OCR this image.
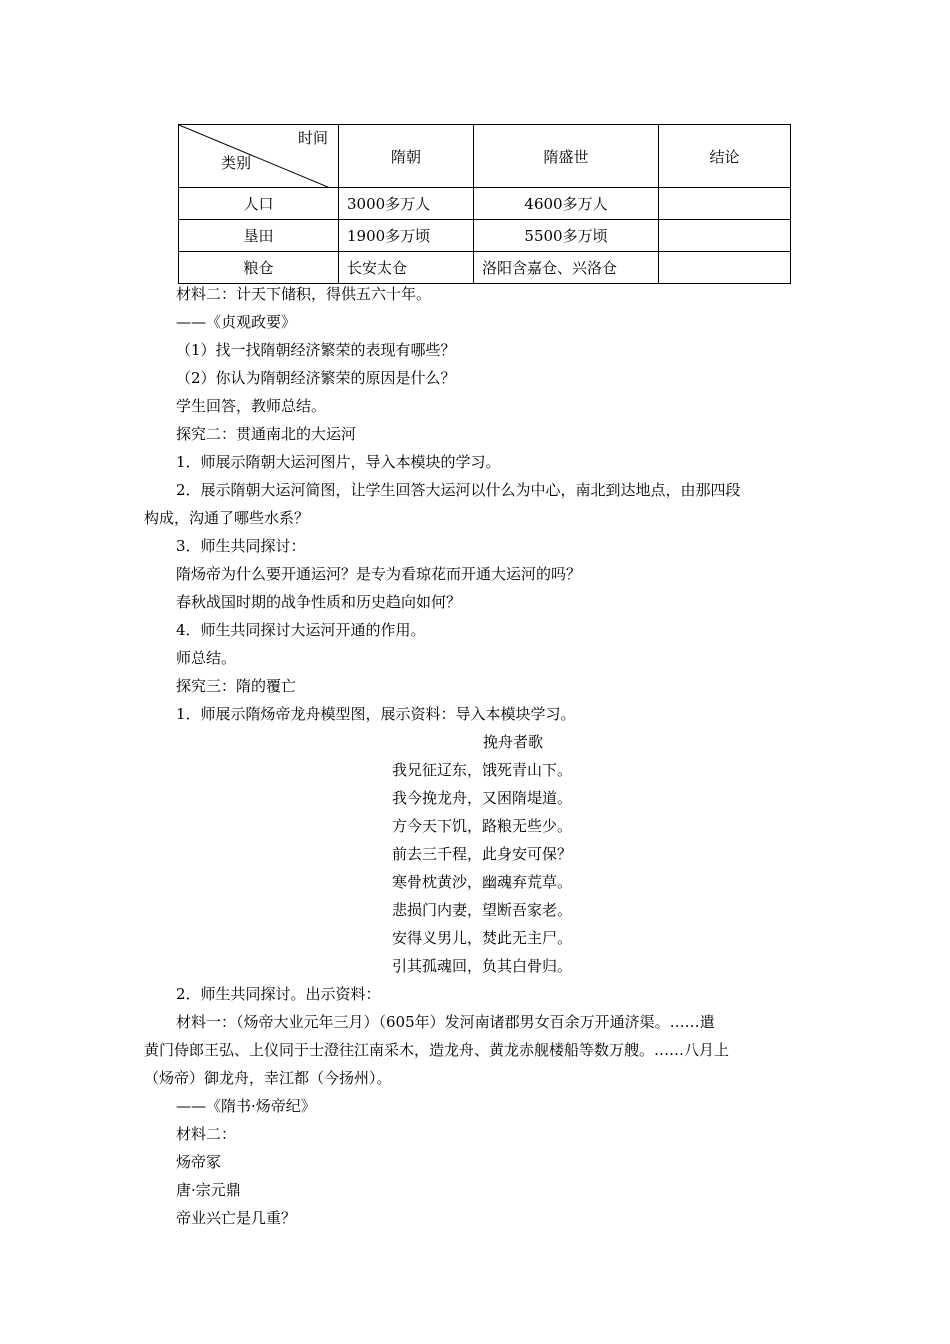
时间
类别	隋朝	隋盛世	结论
人口	3000多万人	4600多万人	
垦田	1900多万顷	5500多万顷	
粮仓	长安太仓	洛阳含嘉仓、兴洛仓	
材料二：计天下储积，得供五六十年。
——《贞观政要》
（1）找一找隋朝经济繁荣的表现有哪些？
（2）你认为隋朝经济繁荣的原因是什么？
学生回答，教师总结。
探究二：贯通南北的大运河
1．师展示隋朝大运河图片，导入本模块的学习。
2．展示隋朝大运河简图，让学生回答大运河以什么为中心，南北到达地点，由那四段
构成，沟通了哪些水系？
3．师生共同探讨：
隋炀帝为什么要开通运河？是专为看琼花而开通大运河的吗？
春秋战国时期的战争性质和历史趋向如何？
4．师生共同探讨大运河开通的作用。
师总结。
探究三：隋的覆亡
1．师展示隋炀帝龙舟模型图，展示资料：导入本模块学习。
挽舟者歌
我兄征辽东，饿死青山下。
我今挽龙舟，又困隋堤道。
方今天下饥，路粮无些少。
前去三千程，此身安可保？
寒骨枕黄沙，幽魂弃荒草。
悲损门内妻，望断吾家老。
安得义男儿，焚此无主尸。
引其孤魂回，负其白骨归。
2．师生共同探讨。出示资料：
材料一：（炀帝大业元年三月）（605年）发河南诸郡男女百余万开通济渠。……遣
黄门侍郎王弘、上仪同于士澄往江南采木，造龙舟、黄龙赤舰楼船等数万艘。……八月上
（炀帝）御龙舟，幸江都（今扬州）。
——《隋书·炀帝纪》
材料二：
炀帝冢
唐·宗元鼎
帝业兴亡是几重？
